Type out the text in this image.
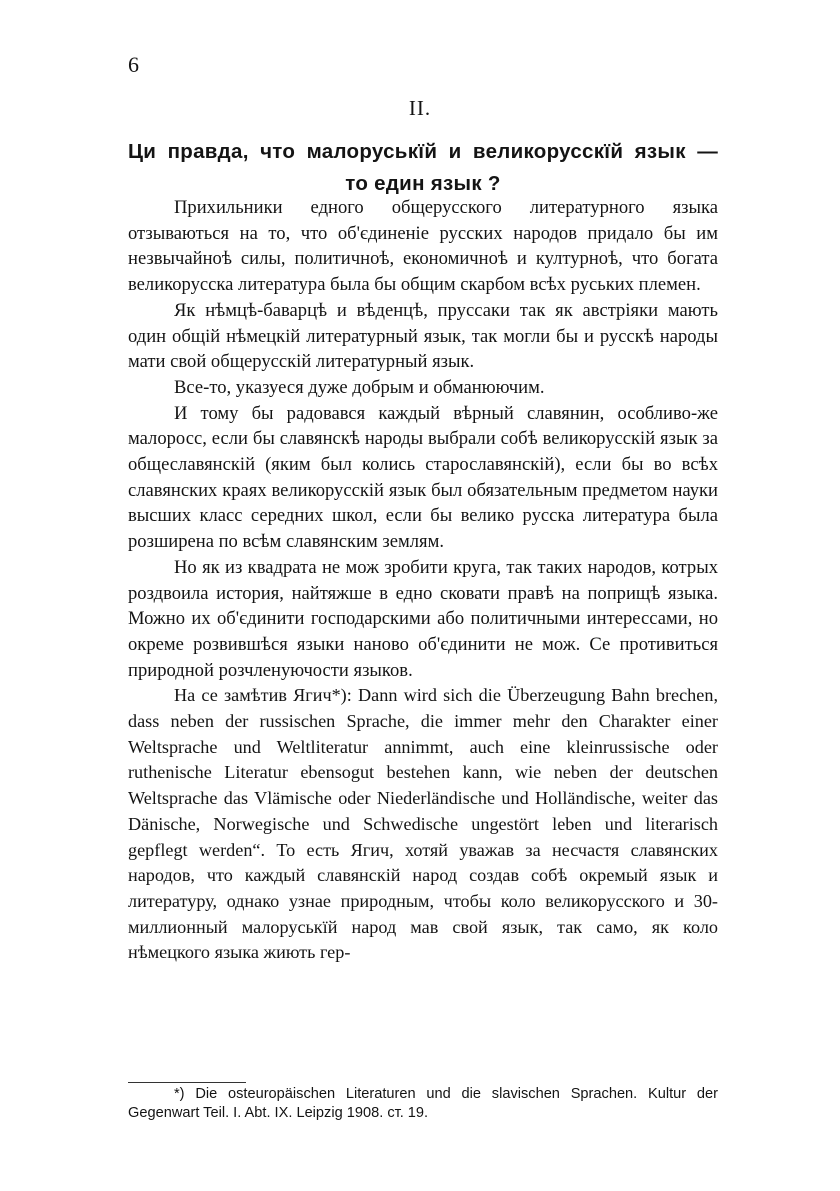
6
II.
Ци правда, что малоруськїй и великорусскїй язык —
то един язык ?

Прихильники едного общерусского литературного языка отзываються на то, что об'єдиненіе русских народов придало бы им незвычайноѣ силы, политичноѣ, економичноѣ и културноѣ, что богата великорусска литература была бы общим скарбом всѣх руських племен.

Як нѣмцѣ-баварцѣ и вѣденцѣ, пруссаки так як австріяки мають один общій нѣмецкій литературный язык, так могли бы и русскѣ народы мати свой общерусскій литературный язык.

Все-то, указуеся дуже добрым и обманюючим.

И тому бы радовався каждый вѣрный славянин, особливо-же малоросс, если бы славянскѣ народы выбрали собѣ великорусскій язык за общеславянскій (яким был колись старославянскій), если бы во всѣх славянских краях великорусскій язык был обязательным предметом науки высших класс середних школ, если бы велико русска литература была розширена по всѣм славянским землям.

Но як из квадрата не мож зробити круга, так таких народов, котрых роздвоила история, найтяжше в едно сковати правѣ на поприщѣ языка. Можно их об'єдинити господарскими або политичными интерессами, но окреме розвившѣся языки наново об'єдинити не мож. Се противиться природной розчленуючости языков.

На се замѣтив Ягич*): Dann wird sich die Überzeugung Bahn brechen, dass neben der russischen Sprache, die immer mehr den Charakter einer Weltsprache und Weltliteratur annimmt, auch eine kleinrussische oder ruthenische Literatur ebensogut bestehen kann, wie neben der deutschen Weltsprache das Vlämische oder Niederländische und Holländische, weiter das Dänische, Norwegische und Schwedische ungestört leben und literarisch gepflegt werden“. То есть Ягич, хотяй уважав за несчастя славянских народов, что каждый славянскій народ создав собѣ окремый язык и литературу, однако узнае природным, чтобы коло великорусского и 30-миллионный малоруськїй народ мав свой язык, так само, як коло нѣмецкого языка жиють гер-

*) Die osteuropäischen Literaturen und die slavischen Sprachen. Kultur der Gegenwart Teil. I. Abt. IX. Leipzig 1908. ст. 19.
